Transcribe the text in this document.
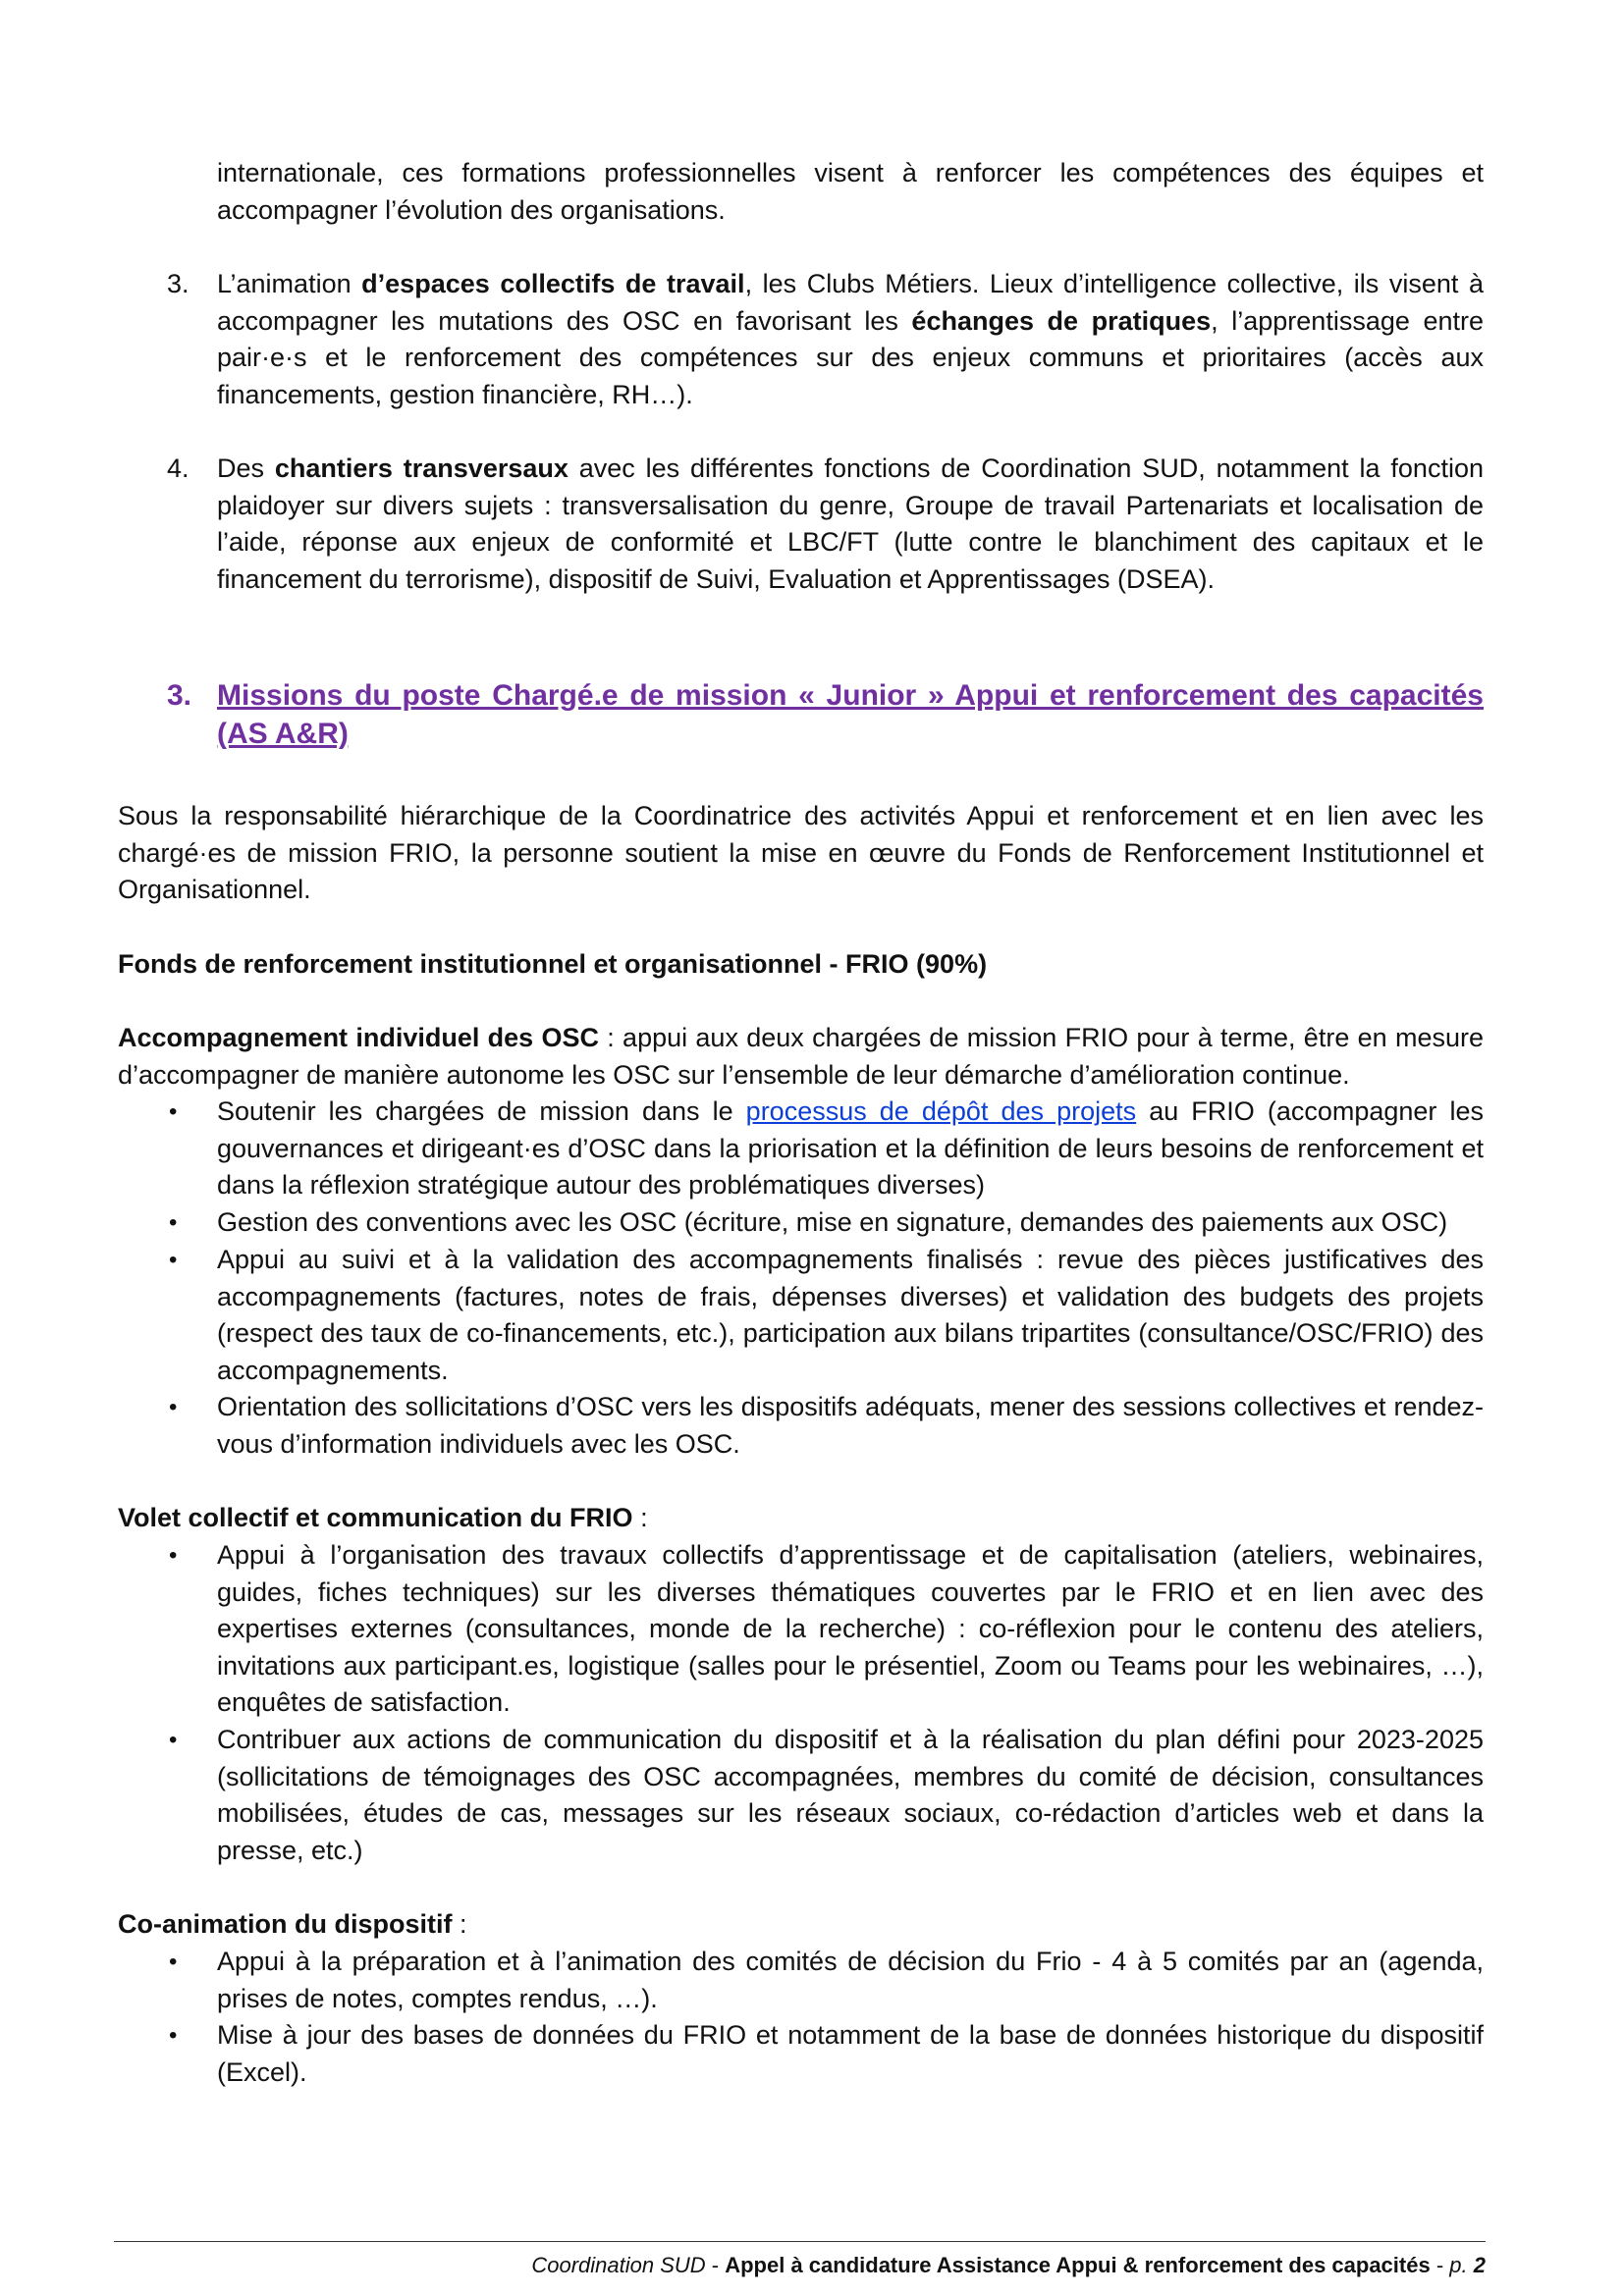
internationale, ces formations professionnelles visent à renforcer les compétences des équipes et accompagner l’évolution des organisations.
3. L’animation d’espaces collectifs de travail, les Clubs Métiers. Lieux d’intelligence collective, ils visent à accompagner les mutations des OSC en favorisant les échanges de pratiques, l’apprentissage entre pair·e·s et le renforcement des compétences sur des enjeux communs et prioritaires (accès aux financements, gestion financière, RH…).
4. Des chantiers transversaux avec les différentes fonctions de Coordination SUD, notamment la fonction plaidoyer sur divers sujets : transversalisation du genre, Groupe de travail Partenariats et localisation de l’aide, réponse aux enjeux de conformité et LBC/FT (lutte contre le blanchiment des capitaux et le financement du terrorisme), dispositif de Suivi, Evaluation et Apprentissages (DSEA).
3. Missions du poste Chargé.e de mission « Junior » Appui et renforcement des capacités (AS A&R)
Sous la responsabilité hiérarchique de la Coordinatrice des activités Appui et renforcement et en lien avec les chargé·es de mission FRIO, la personne soutient la mise en œuvre du Fonds de Renforcement Institutionnel et Organisationnel.
Fonds de renforcement institutionnel et organisationnel - FRIO (90%)
Accompagnement individuel des OSC : appui aux deux chargées de mission FRIO pour à terme, être en mesure d’accompagner de manière autonome les OSC sur l’ensemble de leur démarche d’amélioration continue.
• Soutenir les chargées de mission dans le processus de dépôt des projets au FRIO (accompagner les gouvernances et dirigeant·es d’OSC dans la priorisation et la définition de leurs besoins de renforcement et dans la réflexion stratégique autour des problématiques diverses)
• Gestion des conventions avec les OSC (écriture, mise en signature, demandes des paiements aux OSC)
• Appui au suivi et à la validation des accompagnements finalisés : revue des pièces justificatives des accompagnements (factures, notes de frais, dépenses diverses) et validation des budgets des projets (respect des taux de co-financements, etc.), participation aux bilans tripartites (consultance/OSC/FRIO) des accompagnements.
• Orientation des sollicitations d’OSC vers les dispositifs adéquats, mener des sessions collectives et rendez-vous d’information individuels avec les OSC.
Volet collectif et communication du FRIO :
• Appui à l’organisation des travaux collectifs d’apprentissage et de capitalisation (ateliers, webinaires, guides, fiches techniques) sur les diverses thématiques couvertes par le FRIO et en lien avec des expertises externes (consultances, monde de la recherche) : co-réflexion pour le contenu des ateliers, invitations aux participant.es, logistique (salles pour le présentiel, Zoom ou Teams pour les webinaires, …), enquêtes de satisfaction.
• Contribuer aux actions de communication du dispositif et à la réalisation du plan défini pour 2023-2025 (sollicitations de témoignages des OSC accompagnées, membres du comité de décision, consultances mobilisées, études de cas, messages sur les réseaux sociaux, co-rédaction d’articles web et dans la presse, etc.)
Co-animation du dispositif :
• Appui à la préparation et à l’animation des comités de décision du Frio - 4 à 5 comités par an (agenda, prises de notes, comptes rendus, …).
• Mise à jour des bases de données du FRIO et notamment de la base de données historique du dispositif (Excel).
Coordination SUD - Appel à candidature Assistance Appui & renforcement des capacités - p. 2
